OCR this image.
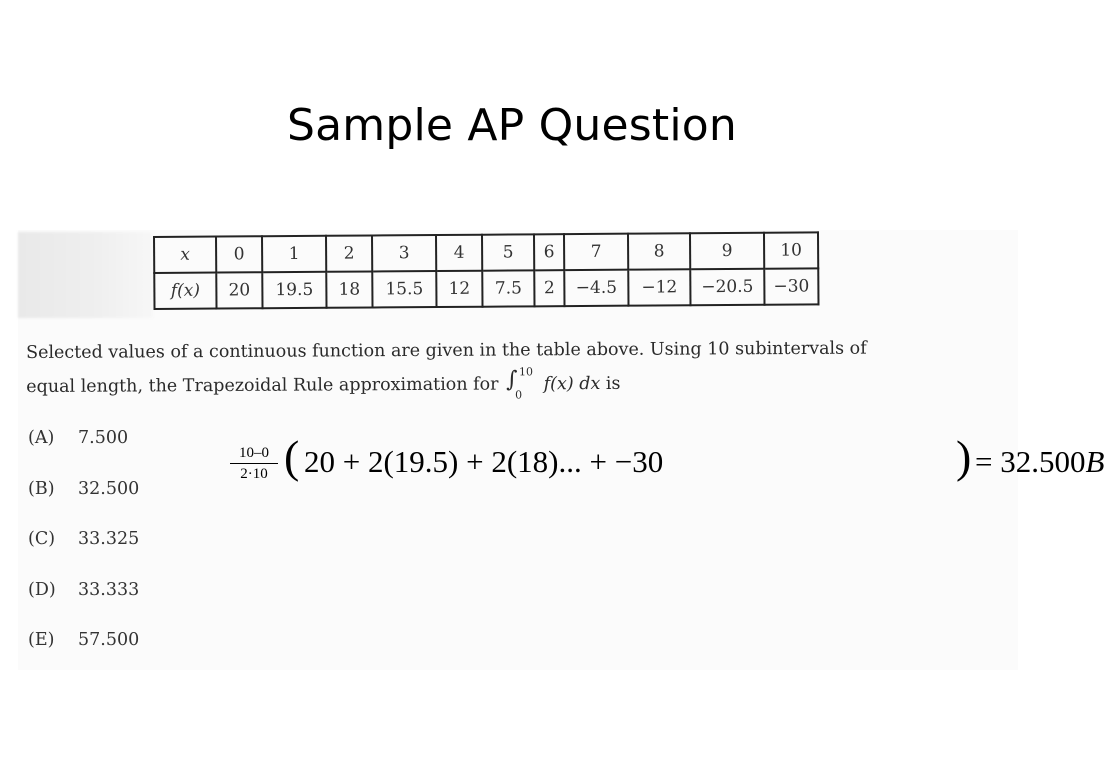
Sample AP Question
x	0	1	2	3	4	5	6	7	8	9	10
f(x)	20	19.5	18	15.5	12	7.5	2	−4.5	−12	−20.5	−30
Selected values of a continuous function are given in the table above. Using 10 subintervals of
equal length, the Trapezoidal Rule approximation for ∫ 10
0
f(x) dx is
(A) 7.500
(B) 32.500
(C) 33.325
(D) 33.333
(E) 57.500
10–0
2·10 ( 20 + 2(19.5) + 2(18)... + −30	) = 32.500B
